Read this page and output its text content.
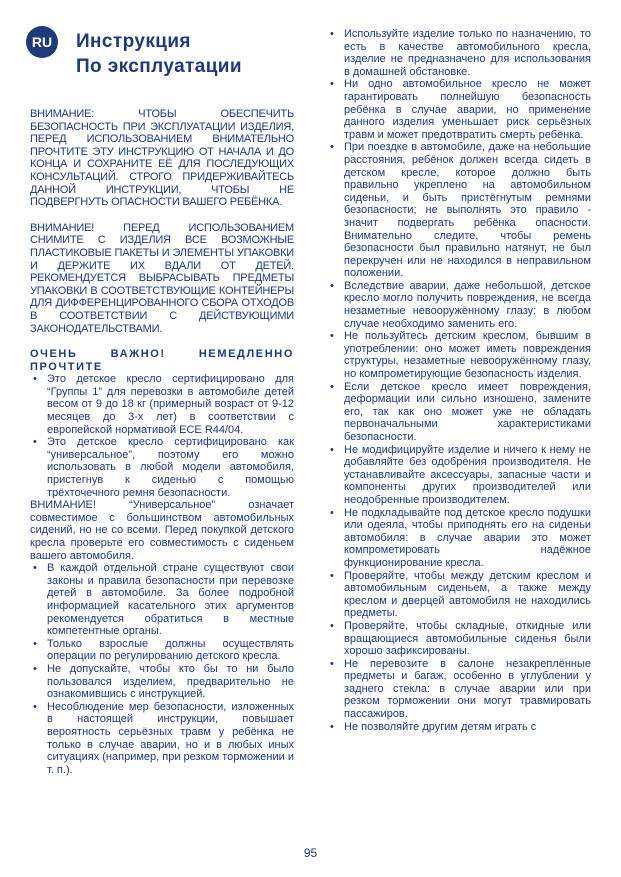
RU	Инструкция
По эксплуатации

ВНИМАНИЕ: ЧТОБЫ ОБЕСПЕЧИТЬ БЕЗОПАСНОСТЬ ПРИ ЭКСПЛУАТАЦИИ ИЗДЕЛИЯ, ПЕРЕД ИСПОЛЬЗОВАНИЕМ ВНИМАТЕЛЬНО ПРОЧТИТЕ ЭТУ ИНСТРУКЦИЮ ОТ НАЧАЛА И ДО КОНЦА И СОХРАНИТЕ ЕЁ ДЛЯ ПОСЛЕДУЮЩИХ КОНСУЛЬТАЦИЙ. СТРОГО ПРИДЕРЖИВАЙТЕСЬ ДАННОЙ ИНСТРУКЦИИ, ЧТОБЫ НЕ ПОДВЕРГНУТЬ ОПАСНОСТИ ВАШЕГО РЕБЁНКА.

ВНИМАНИЕ! ПЕРЕД ИСПОЛЬЗОВАНИЕМ СНИМИТЕ С ИЗДЕЛИЯ ВСЕ ВОЗМОЖНЫЕ ПЛАСТИКОВЫЕ ПАКЕТЫ И ЭЛЕМЕНТЫ УПАКОВКИ И ДЕРЖИТЕ ИХ ВДАЛИ ОТ ДЕТЕЙ. РЕКОМЕНДУЕТСЯ ВЫБРАСЫВАТЬ ПРЕДМЕТЫ УПАКОВКИ В СООТВЕТСТВУЮЩИЕ КОНТЕЙНЕРЫ ДЛЯ ДИФФЕРЕНЦИРОВАННОГО СБОРА ОТХОДОВ В СООТВЕТСТВИИ С ДЕЙСТВУЮЩИМИ ЗАКОНОДАТЕЛЬСТВАМИ.

ОЧЕНЬ ВАЖНО! НЕМЕДЛЕННО ПРОЧТИТЕ

• Это детское кресло сертифицировано для “Группы 1” для перевозки в автомобиле детей весом от 9 до 18 кг (примерный возраст от 9-12 месяцев до 3-х лет) в соответствии с европейской нормативой ECE R44/04.
• Это детское кресло сертифицировано как “универсальное”, поэтому его можно использовать в любой модели автомобиля, пристегнув к сиденью с помощью трёхточечного ремня безопасности.

ВНИМАНИЕ! “Универсальное” означает совместимое с большинством автомобильных сидений, но не со всеми. Перед покупкой детского кресла проверьте его совместимость с сиденьем вашего автомобиля.

• В каждой отдельной стране существуют свои законы и правила безопасности при перевозке детей в автомобиле. За более подробной информацией касательного этих аргументов рекомендуется обратиться в местные компетентные органы.
• Только взрослые должны осуществлять операции по регулированию детского кресла.
• Не допускайте, чтобы кто бы то ни было пользовался изделием, предварительно не ознакомившись с инструкцией.
• Несоблюдение мер безопасности, изложенных в настоящей инструкции, повышает вероятность серьёзных травм у ребёнка не только в случае аварии, но и в любых иных ситуациях (например, при резком торможении и т. п.).
• Используйте изделие только по назначению, то есть в качестве автомобильного кресла, изделие не предназначено для использования в домашней обстановке.
• Ни одно автомобильное кресло не может гарантировать полнейшую безопасность ребёнка в случае аварии, но применение данного изделия уменьшает риск серьёзных травм и может предотвратить смерть ребёнка.
• При поездке в автомобиле, даже на небольшие расстояния, ребёнок должен всегда сидеть в детском кресле, которое должно быть правильно укреплено на автомобильном сиденьи, и быть пристёгнутым ремнями безопасности; не выполнять это правило - значит подвергать ребёнка опасности. Внимательно следите, чтобы ремень безопасности был правильно натянут, не был перекручен или не находился в неправильном положении.
• Вследствие аварии, даже небольшой, детское кресло могло получить повреждения, не всегда незаметные невооружённому глазу: в любом случае необходимо заменить его.
• Не пользуйтесь детским креслом, бывшим в употреблении: оно может иметь повреждения структуры, незаметные невооружённому глазу, но компрометирующие безопасность изделия.
• Если детское кресло имеет повреждения, деформации или сильно изношено, замените его, так как оно может уже не обладать первоначальными характеристиками безопасности.
• Не модифицируйте изделие и ничего к нему не добавляйте без одобрения производителя. Не устанавливайте аксессуары, запасные части и компоненты других производителей или неодобренные производителем.
• Не подкладывайте под детское кресло подушки или одеяла, чтобы приподнять его на сиденьи автомобиля: в случае аварии это может компрометировать надёжное функционирование кресла.
• Проверяйте, чтобы между детским креслом и автомобильным сиденьем, а также между креслом и дверцей автомобиля не находились предметы.
• Проверяйте, чтобы складные, откидные или вращающиеся автомобильные сиденья были хорошо зафиксированы.
• Не перевозите в салоне незакреплённые предметы и багаж, особенно в углублении у заднего стекла: в случае аварии или при резком торможении они могут травмировать пассажиров.
• Не позволяйте другим детям играть с
95
